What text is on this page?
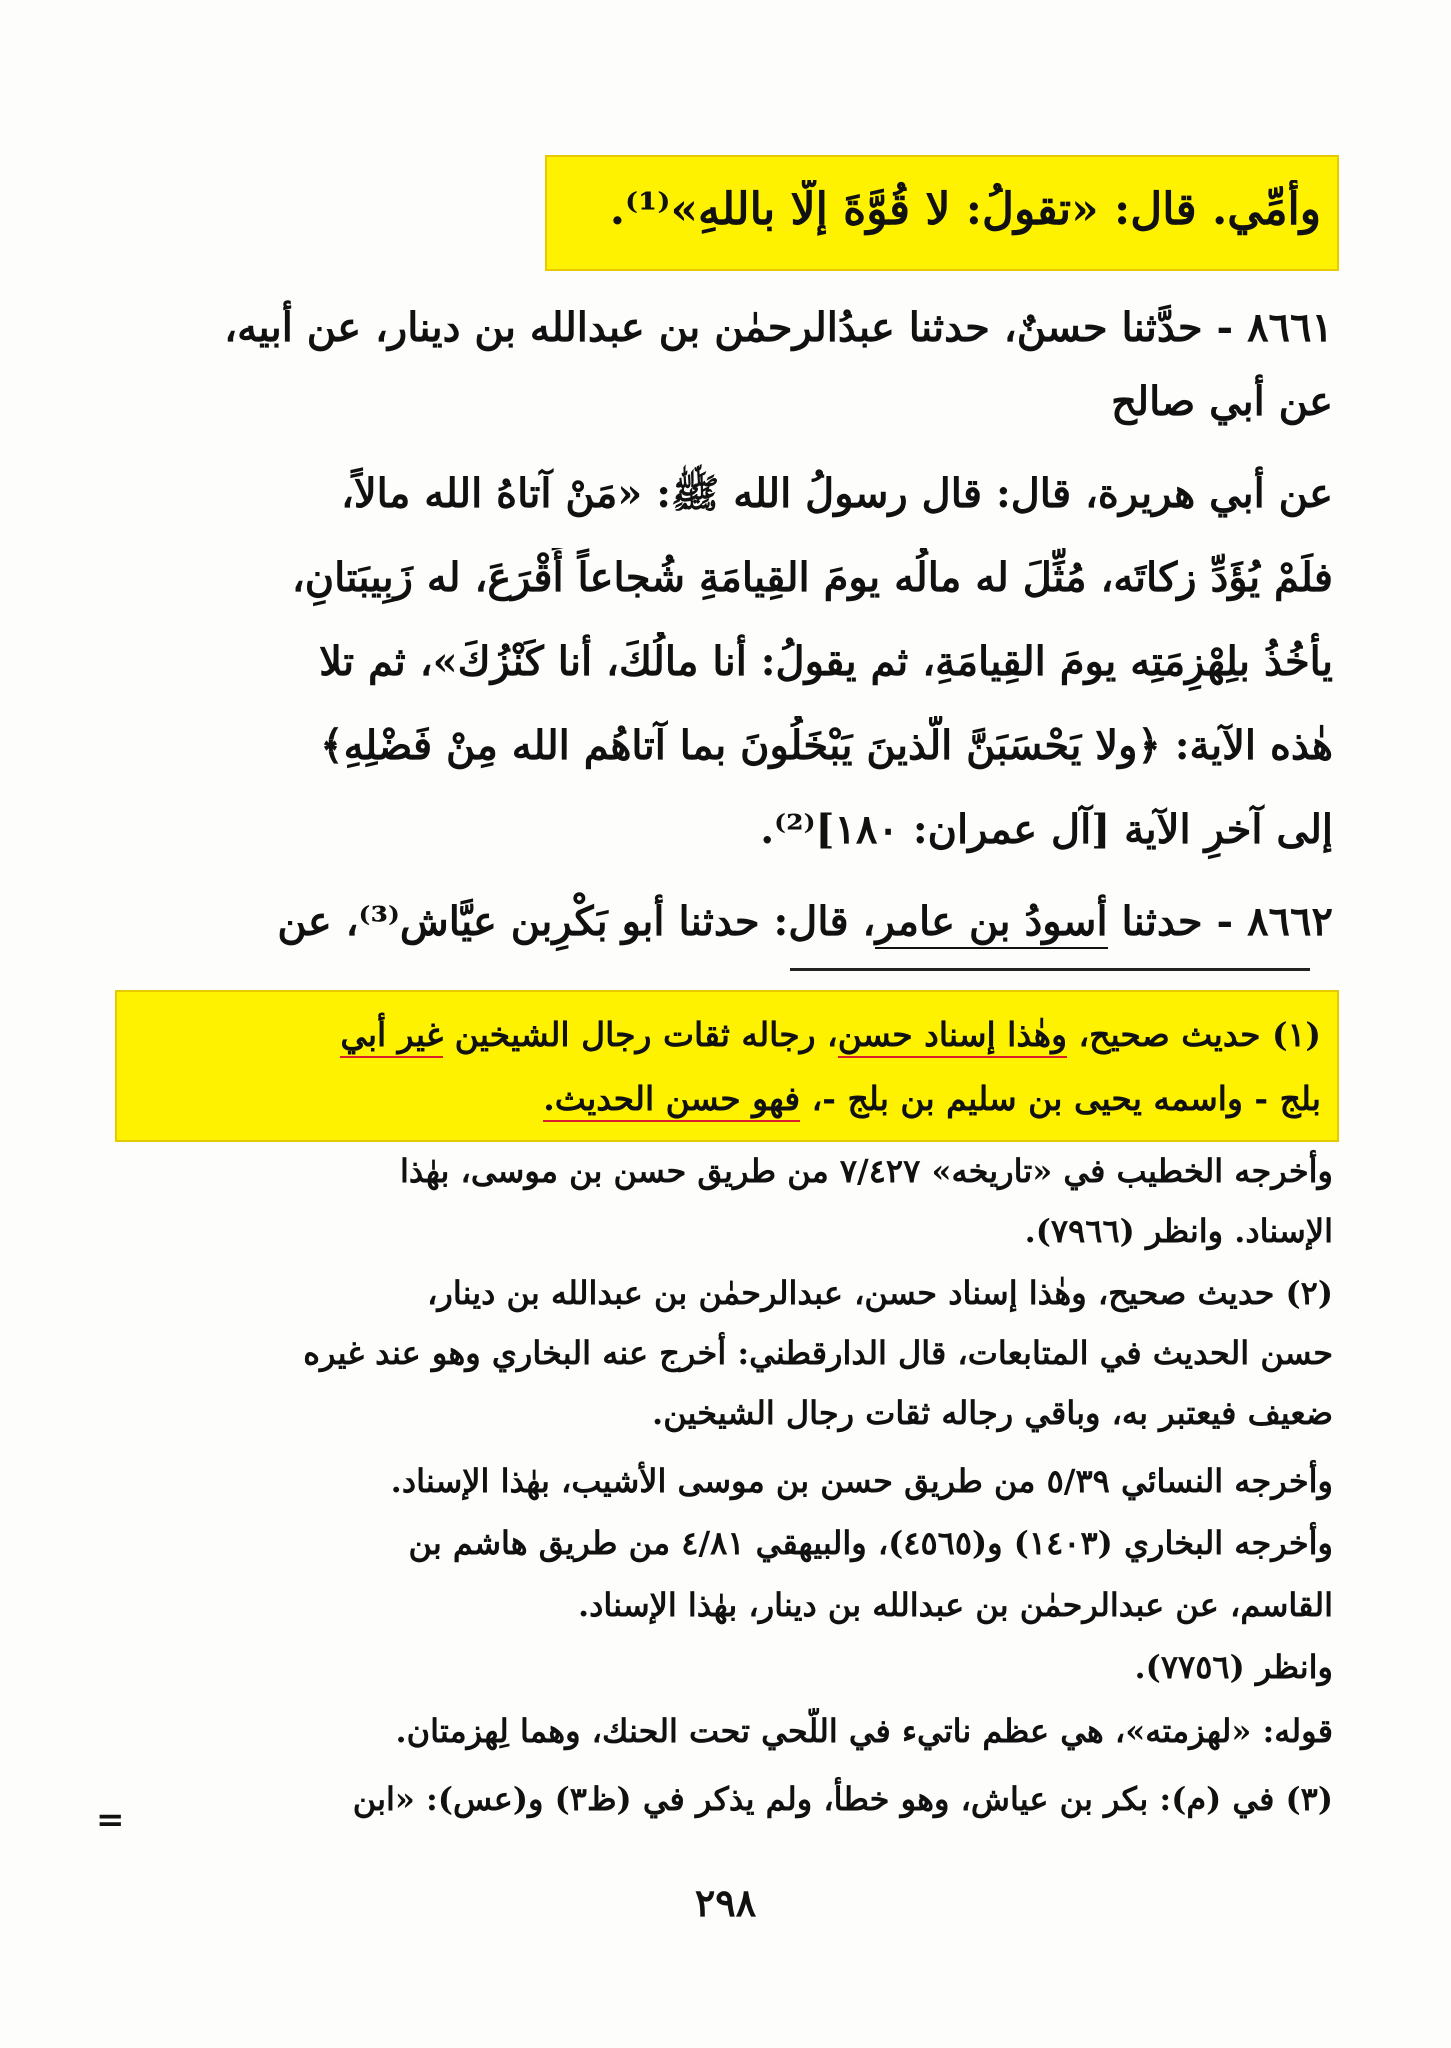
وأُمِّي. قال: «تقولُ: لا قُوَّةَ إلَّا باللهِ»⁽¹⁾.
٨٦٦١ - حدَّثنا حسنٌ، حدثنا عبدُالرحمٰن بن عبدالله بن دينار، عن أبيه،
عن أبي صالح
عن أبي هريرة، قال: قال رسولُ الله ﷺ: «مَنْ آتاهُ الله مالاً،
فلَمْ يُؤَدِّ زكاتَه، مُثِّلَ له مالُه يومَ القِيامَةِ شُجاعاً أَقْرَعَ، له زَبِيبَتانِ،
يأْخُذُ بلِهْزِمَتِه يومَ القِيامَةِ، ثم يقولُ: أنا مالُكَ، أنا كَنْزُكَ»، ثم تلا
هٰذه الآية: ﴿ولا يَحْسَبَنَّ الَّذينَ يَبْخَلُونَ بما آتاهُم الله مِنْ فَضْلِهِ﴾
إلى آخرِ الآية [آل عمران: ١٨٠]⁽²⁾.
٨٦٦٢ - حدثنا أسودُ بن عامر، قال: حدثنا أبو بَكْرِبن عيَّاش⁽³⁾، عن
(١) حديث صحيح، وهٰذا إسناد حسن، رجاله ثقات رجال الشيخين غير أبي
بلج - واسمه يحيى بن سليم بن بلج -، فهو حسن الحديث.
وأخرجه الخطيب في «تاريخه» ٧/٤٢٧ من طريق حسن بن موسى، بهٰذا
الإسناد. وانظر (٧٩٦٦).
(٢) حديث صحيح، وهٰذا إسناد حسن، عبدالرحمٰن بن عبدالله بن دينار،
حسن الحديث في المتابعات، قال الدارقطني: أخرج عنه البخاري وهو عند غيره
ضعيف فيعتبر به، وباقي رجاله ثقات رجال الشيخين.
وأخرجه النسائي ٥/٣٩ من طريق حسن بن موسى الأشيب، بهٰذا الإسناد.
وأخرجه البخاري (١٤٠٣) و(٤٥٦٥)، والبيهقي ٤/٨١ من طريق هاشم بن
القاسم، عن عبدالرحمٰن بن عبدالله بن دينار، بهٰذا الإسناد.
وانظر (٧٧٥٦).
قوله: «لهزمته»، هي عظم ناتيء في اللَّحي تحت الحنك، وهما لِهزمتان.
(٣) في (م): بكر بن عياش، وهو خطأ، ولم يذكر في (ظ٣) و(عس): «ابن
=
٢٩٨
